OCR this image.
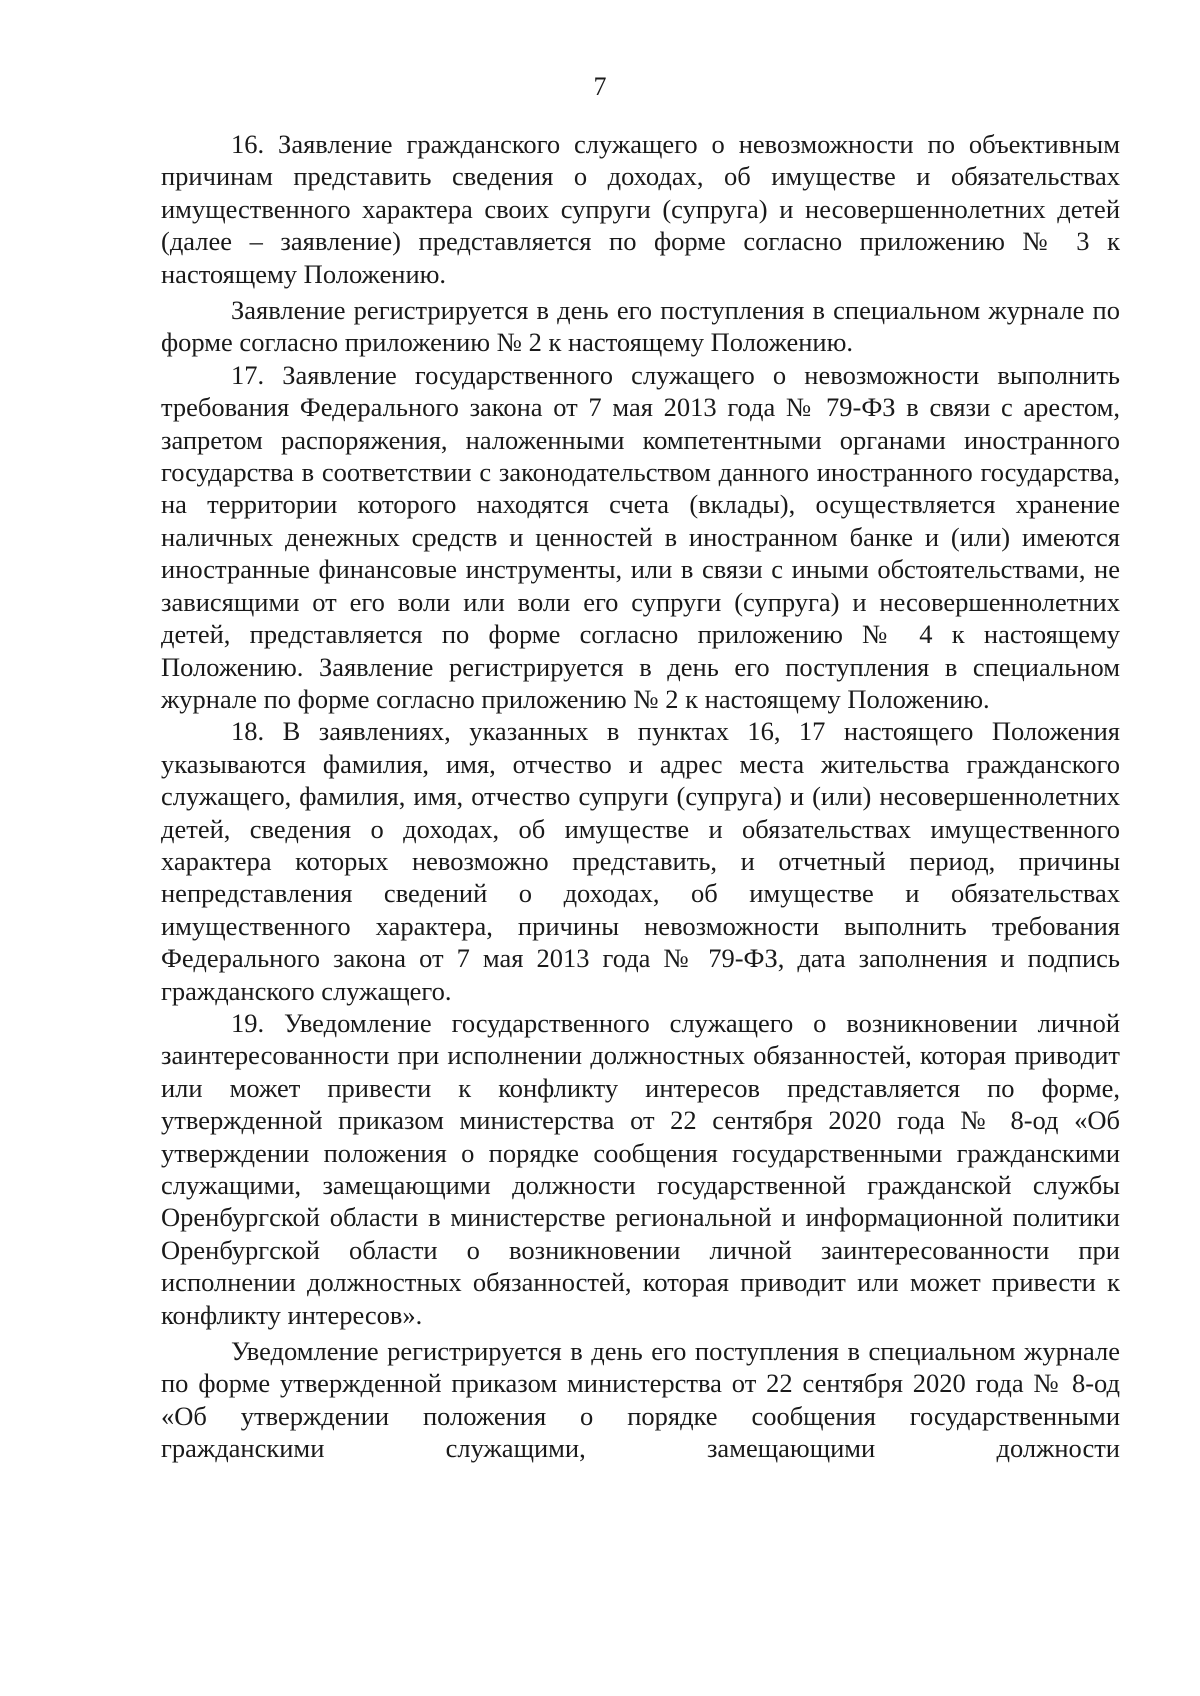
7

16. Заявление гражданского служащего о невозможности по объективным причинам представить сведения о доходах, об имуществе и обязательствах имущественного характера своих супруги (супруга) и несовершеннолетних детей (далее – заявление) представляется по форме согласно приложению № 3 к настоящему Положению.

Заявление регистрируется в день его поступления в специальном журнале по форме согласно приложению № 2 к настоящему Положению.

17. Заявление государственного служащего о невозможности выполнить требования Федерального закона от 7 мая 2013 года № 79-ФЗ в связи с арестом, запретом распоряжения, наложенными компетентными органами иностранного государства в соответствии с законодательством данного иностранного государства, на территории которого находятся счета (вклады), осуществляется хранение наличных денежных средств и ценностей в иностранном банке и (или) имеются иностранные финансовые инструменты, или в связи с иными обстоятельствами, не зависящими от его воли или воли его супруги (супруга) и несовершеннолетних детей, представляется по форме согласно приложению № 4 к настоящему Положению. Заявление регистрируется в день его поступления в специальном журнале по форме согласно приложению № 2 к настоящему Положению.

18. В заявлениях, указанных в пунктах 16, 17 настоящего Положения указываются фамилия, имя, отчество и адрес места жительства гражданского служащего, фамилия, имя, отчество супруги (супруга) и (или) несовершеннолетних детей, сведения о доходах, об имуществе и обязательствах имущественного характера которых невозможно представить, и отчетный период, причины непредставления сведений о доходах, об имуществе и обязательствах имущественного характера, причины невозможности выполнить требования Федерального закона от 7 мая 2013 года № 79-ФЗ, дата заполнения и подпись гражданского служащего.

19. Уведомление государственного служащего о возникновении личной заинтересованности при исполнении должностных обязанностей, которая приводит или может привести к конфликту интересов представляется по форме, утвержденной приказом министерства от 22 сентября 2020 года № 8-од «Об утверждении положения о порядке сообщения государственными гражданскими служащими, замещающими должности государственной гражданской службы Оренбургской области в министерстве региональной и информационной политики Оренбургской области о возникновении личной заинтересованности при исполнении должностных обязанностей, которая приводит или может привести к конфликту интересов».

Уведомление регистрируется в день его поступления в специальном журнале по форме утвержденной приказом министерства от 22 сентября 2020 года № 8-од «Об утверждении положения о порядке сообщения государственными гражданскими служащими, замещающими должности
